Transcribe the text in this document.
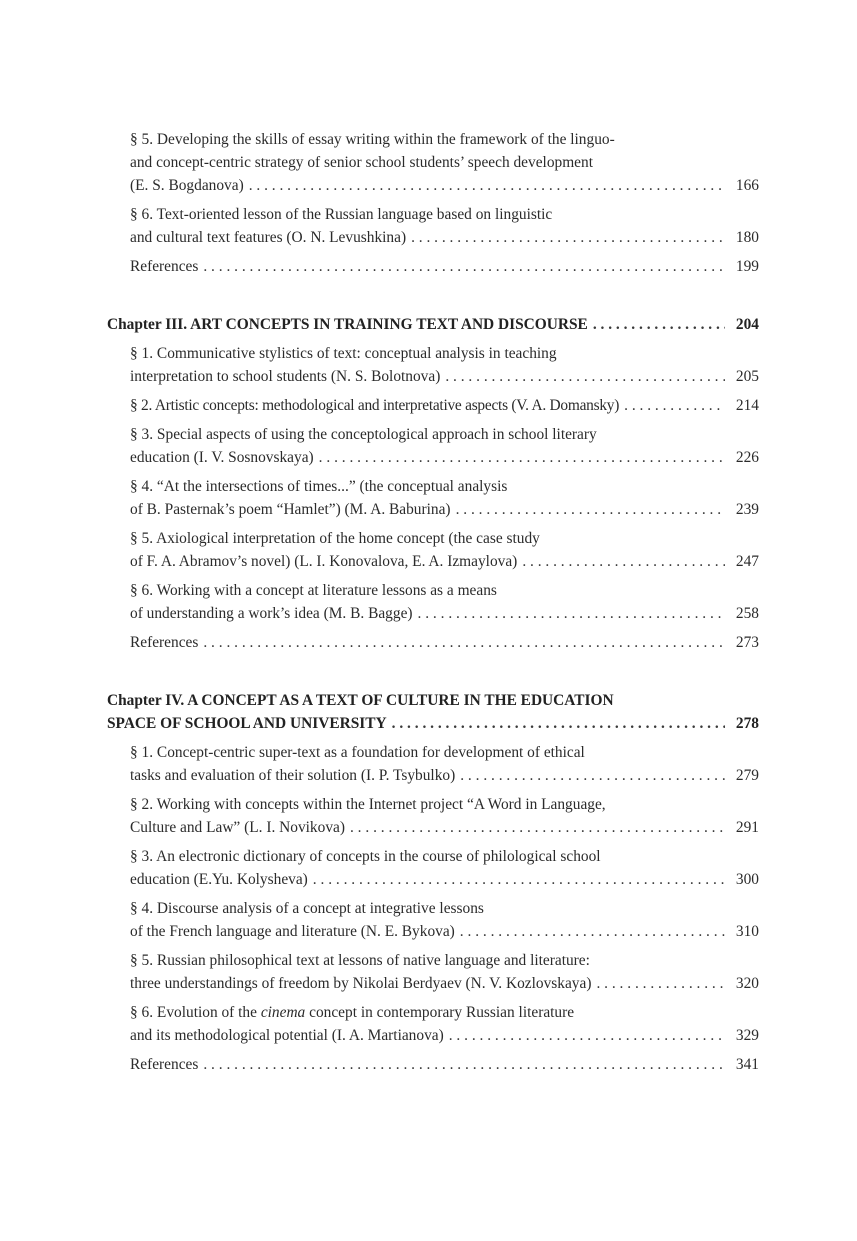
§ 5. Developing the skills of essay writing within the framework of the linguo-
and concept-centric strategy of senior school students’ speech development
(E. S. Bogdanova) . . .	166
§ 6. Text-oriented lesson of the Russian language based on linguistic
and cultural text features (O. N. Levushkina) . . .	180
References . . .	199
Chapter III. ART CONCEPTS IN TRAINING TEXT AND DISCOURSE . . .	204
§ 1. Communicative stylistics of text: conceptual analysis in teaching
interpretation to school students (N. S. Bolotnova) . . .	205
§ 2. Artistic concepts: methodological and interpretative aspects (V. A. Domansky) . . .	214
§ 3. Special aspects of using the conceptological approach in school literary
education (I. V. Sosnovskaya) . . .	226
§ 4. “At the intersections of times...” (the conceptual analysis
of B. Pasternak’s poem “Hamlet”) (M. A. Baburina) . . .	239
§ 5. Axiological interpretation of the home concept (the case study
of F. A. Abramov’s novel) (L. I. Konovalova, E. A. Izmaylova) . . .	247
§ 6. Working with a concept at literature lessons as a means
of understanding a work’s idea (M. B. Bagge) . . .	258
References . . .	273
Chapter IV. A CONCEPT AS A TEXT OF CULTURE IN THE EDUCATION
SPACE OF SCHOOL AND UNIVERSITY . . .	278
§ 1. Concept-centric super-text as a foundation for development of ethical
tasks and evaluation of their solution (I. P. Tsybulko) . . .	279
§ 2. Working with concepts within the Internet project “A Word in Language,
Culture and Law” (L. I. Novikova) . . .	291
§ 3. An electronic dictionary of concepts in the course of philological school
education (E.Yu. Kolysheva) . . .	300
§ 4. Discourse analysis of a concept at integrative lessons
of the French language and literature (N. E. Bykova) . . .	310
§ 5. Russian philosophical text at lessons of native language and literature:
three understandings of freedom by Nikolai Berdyaev (N. V. Kozlovskaya) . . .	320
§ 6. Evolution of the cinema concept in contemporary Russian literature
and its methodological potential (I. A. Martianova) . . .	329
References . . .	341
